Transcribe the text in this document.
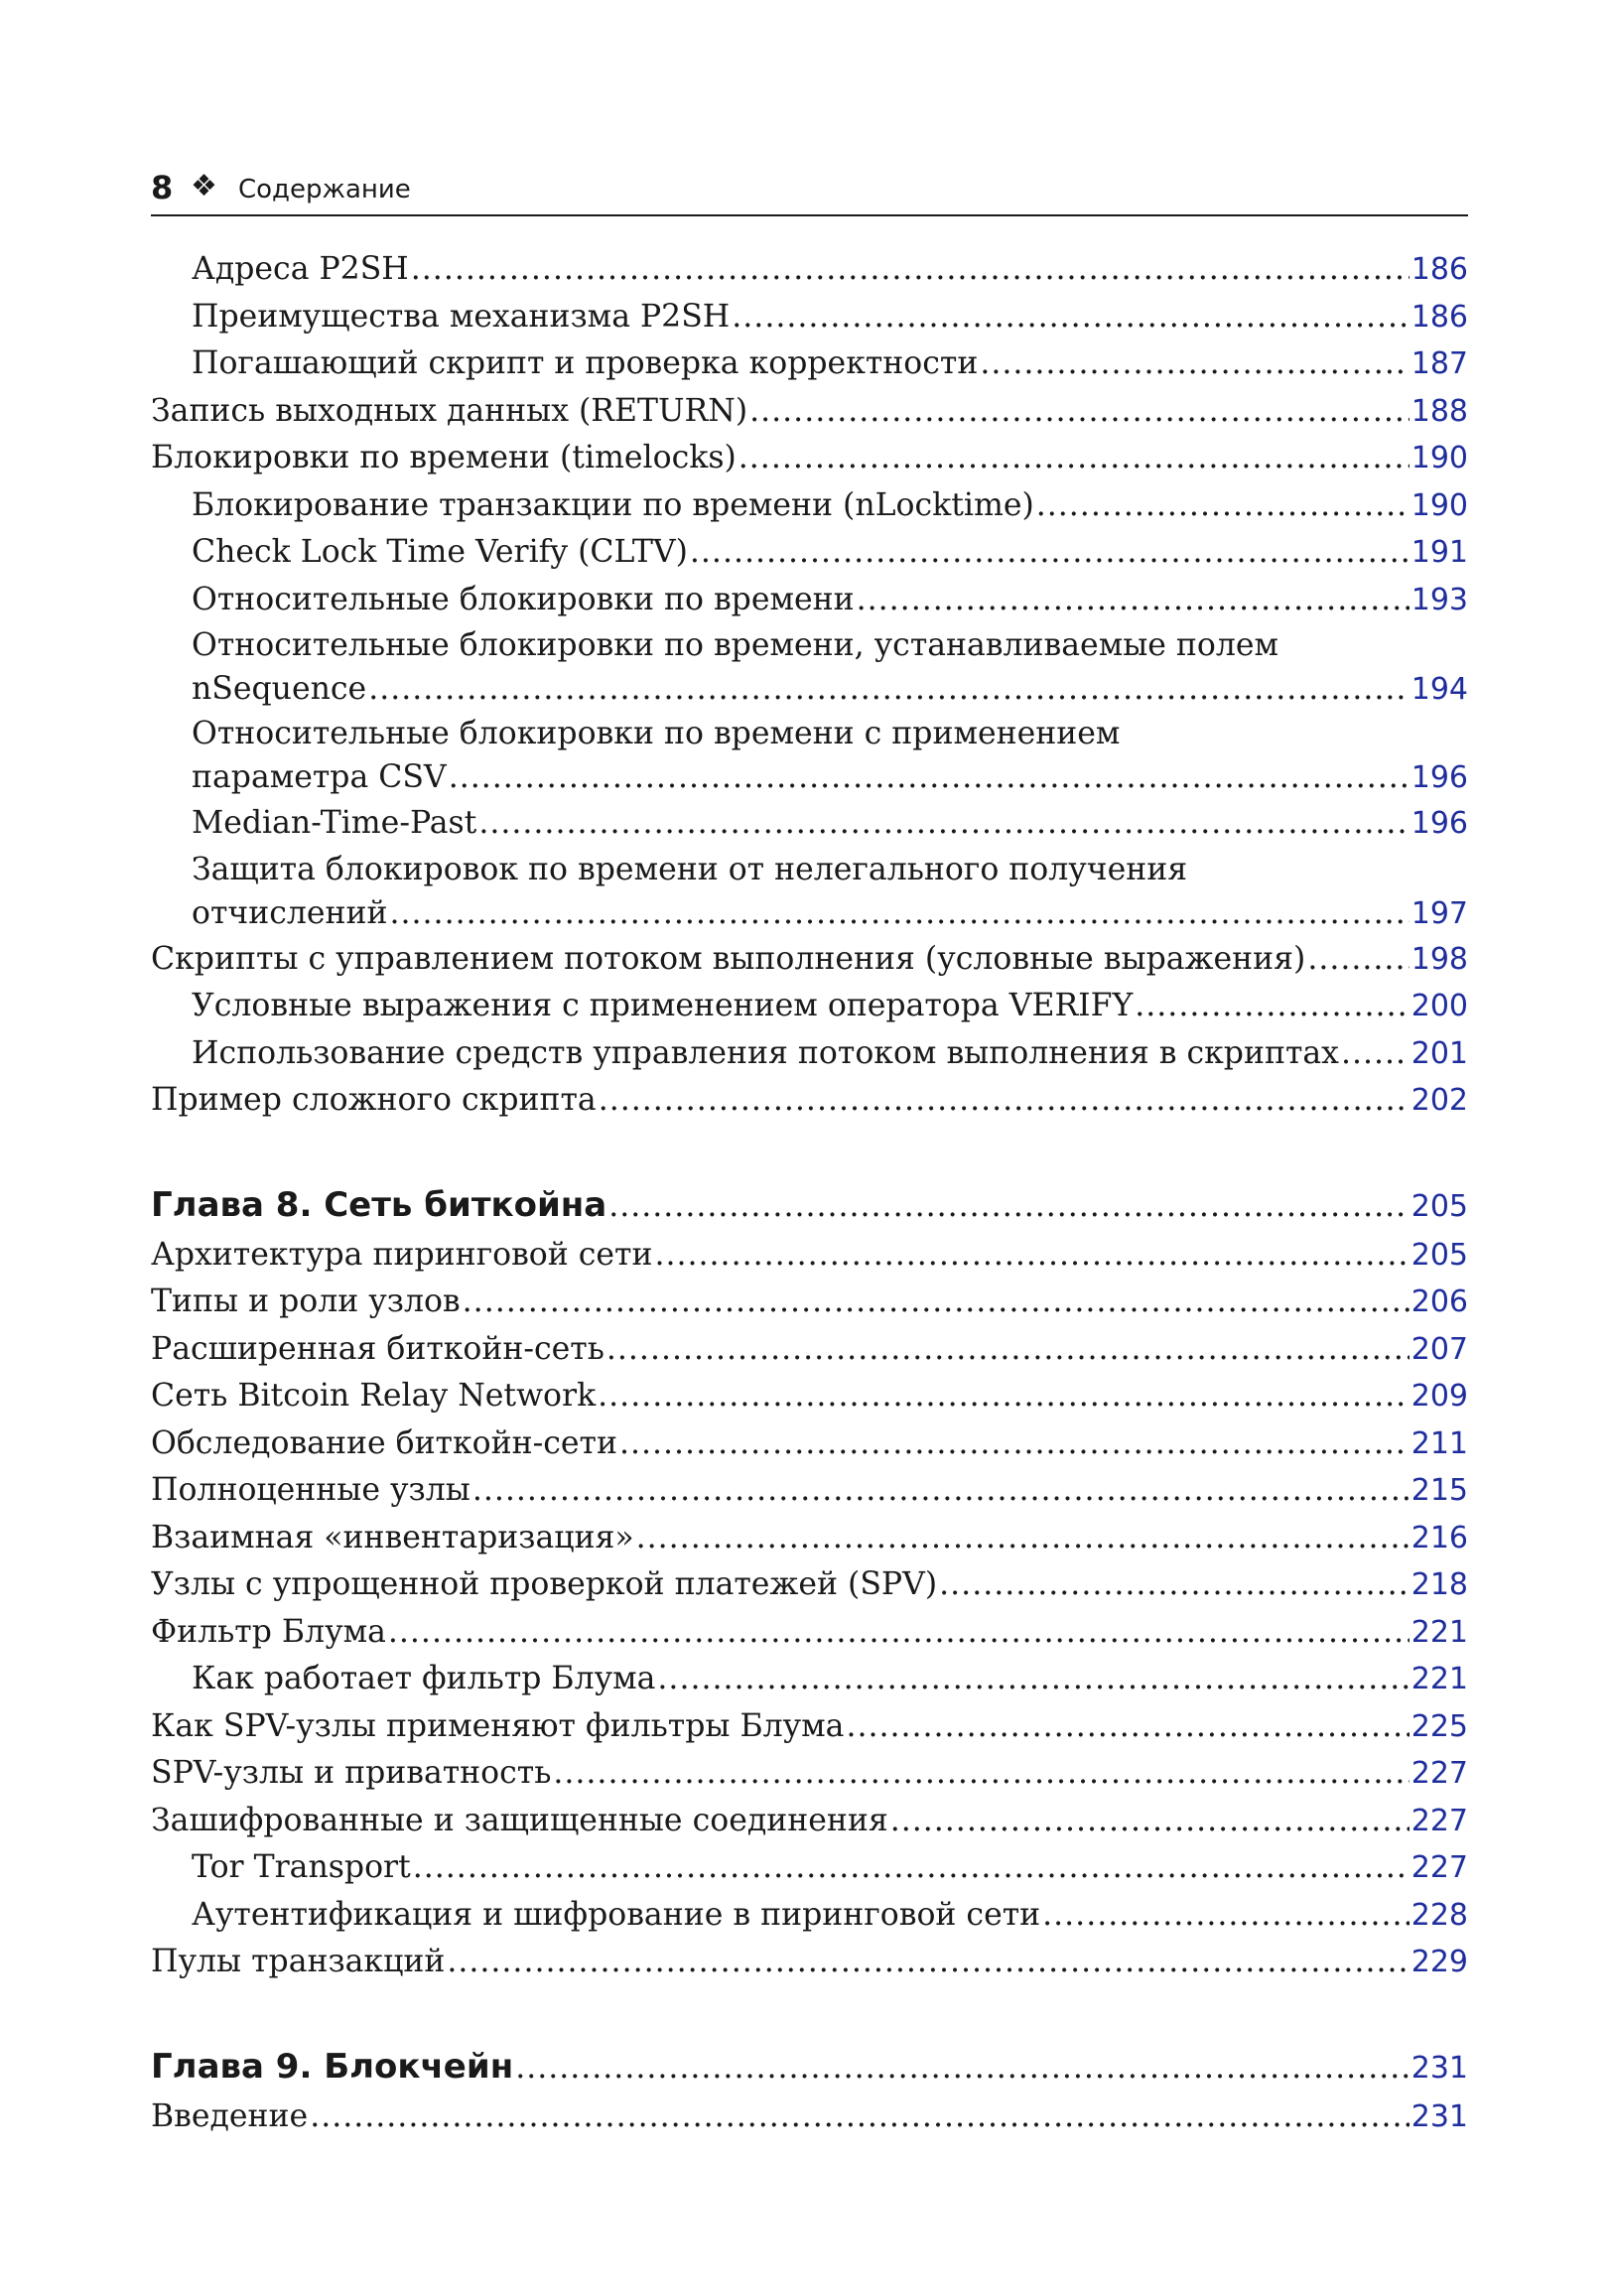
8 ❖ Содержание
Адреса P2SH .....	186
Преимущества механизма P2SH .....	186
Погашающий скрипт и проверка корректности .....	187
Запись выходных данных (RETURN) .....	188
Блокировки по времени (timelocks) .....	190
Блокирование транзакции по времени (nLocktime) .....	190
Check Lock Time Verify (CLTV) .....	191
Относительные блокировки по времени .....	193
Относительные блокировки по времени, устанавливаемые полем
nSequence .....	194
Относительные блокировки по времени с применением
параметра CSV .....	196
Median-Time-Past .....	196
Защита блокировок по времени от нелегального получения
отчислений .....	197
Скрипты с управлением потоком выполнения (условные выражения) .....	198
Условные выражения с применением оператора VERIFY .....	200
Использование средств управления потоком выполнения в скриптах ..... 201
Пример сложного скрипта .....	202
Глава 8. Сеть биткойна .....	205
Архитектура пиринговой сети .....	205
Типы и роли узлов .....	206
Расширенная биткойн-сеть .....	207
Сеть Bitcoin Relay Network .....	209
Обследование биткойн-сети .....	211
Полноценные узлы .....	215
Взаимная «инвентаризация» .....	216
Узлы с упрощенной проверкой платежей (SPV) .....	218
Фильтр Блума .....	221
Как работает фильтр Блума .....	221
Как SPV-узлы применяют фильтры Блума .....	225
SPV-узлы и приватность .....	227
Зашифрованные и защищенные соединения .....	227
Tor Transport .....	227
Аутентификация и шифрование в пиринговой сети .....	228
Пулы транзакций .....	229
Глава 9. Блокчейн .....	231
Введение .....	231
